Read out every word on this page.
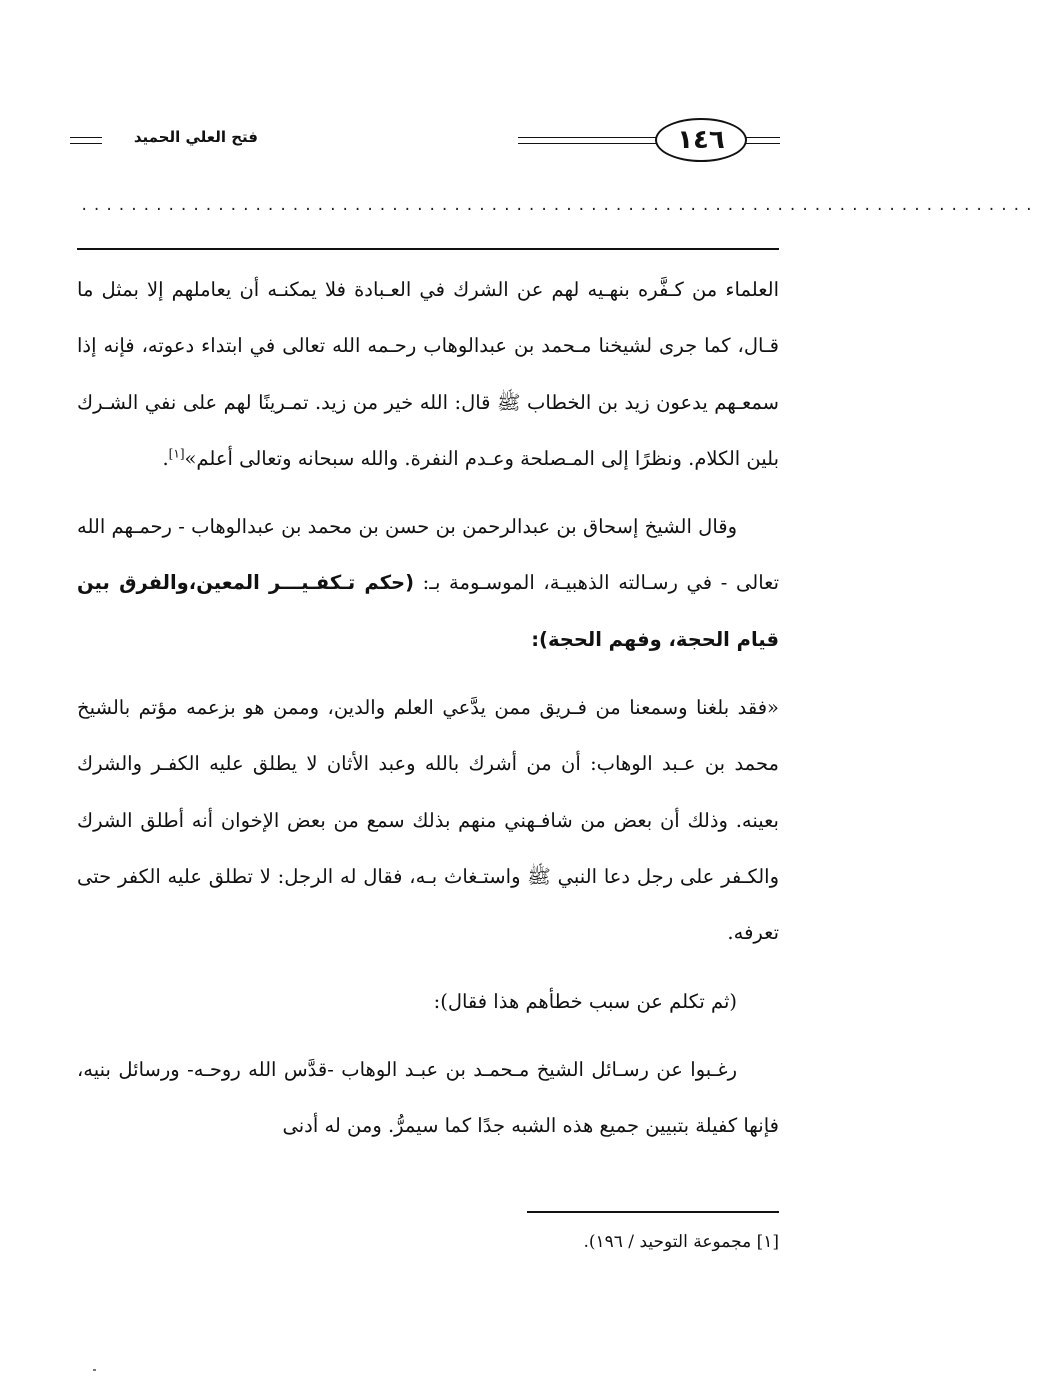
فتح العلي الحميد	١٤٦
.............................................................................

العلماء من كـفَّره بنهـيه لهم عن الشرك في العـبادة فلا يمكنـه أن يعاملهم إلا بمثل ما قـال، كما جرى لشيخنا مـحمد بن عبدالوهاب رحـمه الله تعالى في ابتداء دعوته، فإنه إذا سمعـهم يدعون زيد بن الخطاب ﷺ قال: الله خير من زيد. تمـرينًا لهم على نفي الشـرك بلين الكلام. ونظرًا إلى المـصلحة وعـدم النفرة. والله سبحانه وتعالى أعلم»[١].

وقال الشيخ إسحاق بن عبدالرحمن بن حسن بن محمد بن عبدالوهاب - رحمـهم الله تعالى - في رسـالته الذهبيـة، الموسـومة بـ: (حكم تـكفـيـــر المعين،والفرق بين قيام الحجة، وفهم الحجة):

«فقد بلغنا وسمعنا من فـريق ممن يدَّعي العلم والدين، وممن هو بزعمه مؤتم بالشيخ محمد بن عـبد الوهاب: أن من أشرك بالله وعبد الأثان لا يطلق عليه الكفـر والشرك بعينه. وذلك أن بعض من شافـهني منهم بذلك سمع من بعض الإخوان أنه أطلق الشرك والكـفر على رجل دعا النبي ﷺ واستـغاث بـه، فقال له الرجل: لا تطلق عليه الكفر حتى تعرفه.

(ثم تكلم عن سبب خطأهم هذا فقال):

رغـبوا عن رسـائل الشيخ مـحمـد بن عبـد الوهاب -قدَّس الله روحـه- ورسائل بنيه، فإنها كفيلة بتبيين جميع هذه الشبه جدًا كما سيمرُّ. ومن له أدنى

[١] مجموعة التوحيد / ١٩٦).
